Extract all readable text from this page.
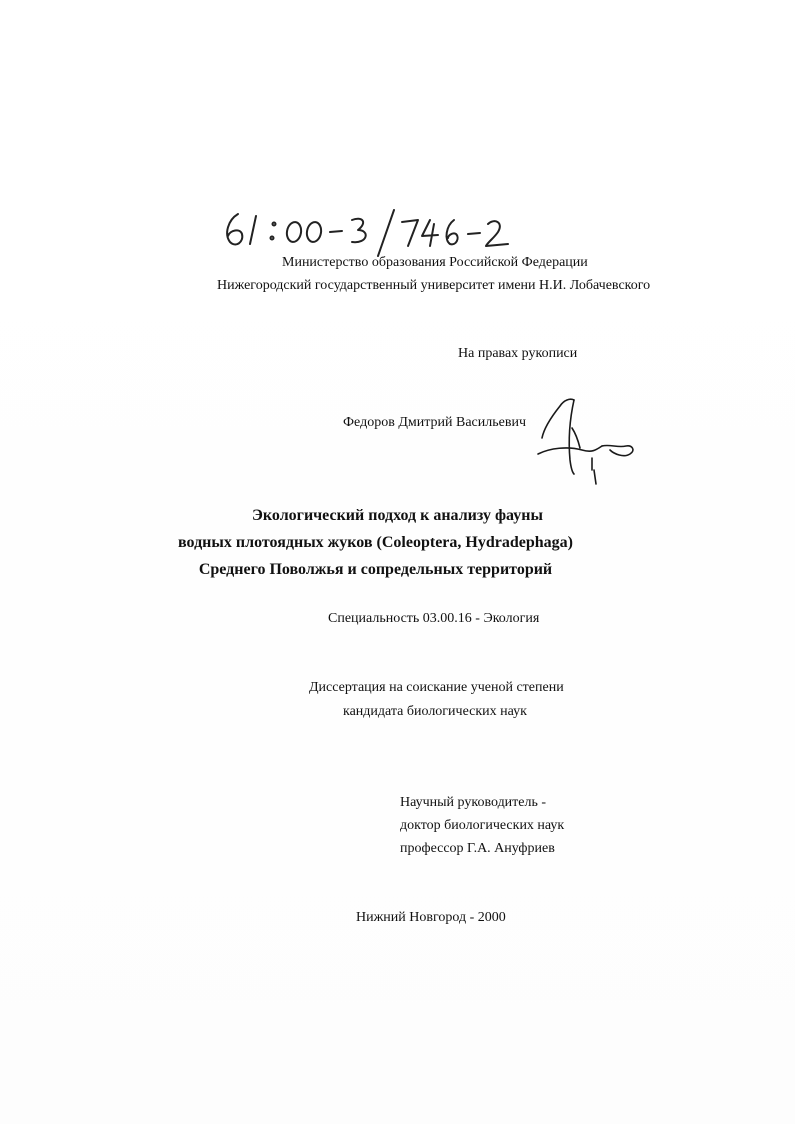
61 : 00 - 3 / 746 - 2
Министерство образования Российской Федерации
Нижегородский государственный университет имени Н.И. Лобачевского
На правах рукописи
Федоров Дмитрий Васильевич
Экологический подход к анализу фауны
водных плотоядных жуков (Coleoptera, Hydradephaga)
Среднего Поволжья и сопредельных территорий
Специальность 03.00.16 - Экология
Диссертация на соискание ученой степени
кандидата биологических наук
Научный руководитель -
доктор биологических наук
профессор Г.А. Ануфриев
Нижний Новгород - 2000
